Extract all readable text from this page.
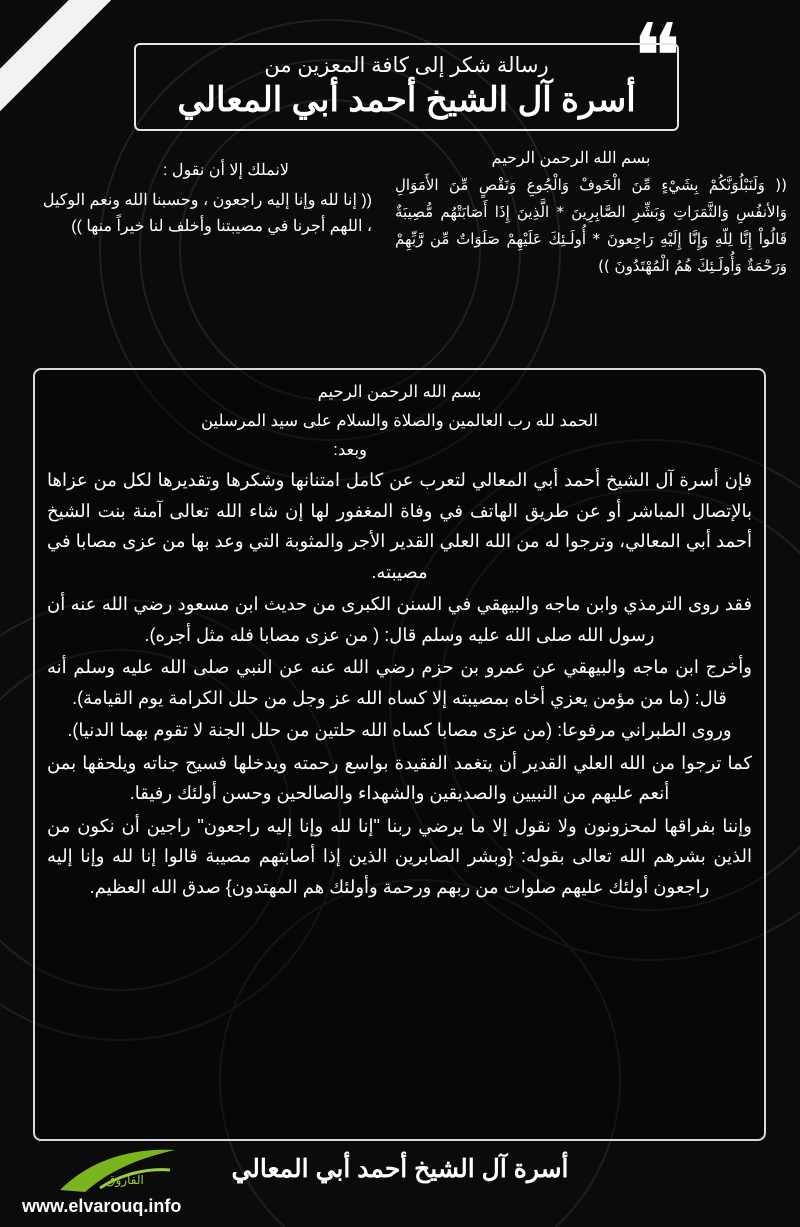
❝
رسالة شكر إلى كافة المعزين من
أسرة آل الشيخ أحمد أبي المعالي
بسم الله الرحمن الرحيم
(( وَلَنَبْلُوَنَّكُمْ بِشَيْءٍ مِّنَ الْخَوفْ وَالْجُوعِ وَنَقْصٍ مِّنَ الأَمَوَالِ وَالأنفُسِ وَالثَّمَرَاتِ وَبَشِّرِ الصَّابِرِينَ * الَّذِينَ إِذَا أَصَابَتْهُم مُّصِيبَةٌ قَالُواْ إِنَّا لِلّهِ وَإِنَّا إِلَيْهِ رَاجِعونَ * أُولَـئِكَ عَلَيْهِمْ صَلَوَاتٌ مِّن رَّبِّهِمْ وَرَحْمَةٌ وَأُولَـئِكَ هُمُ الْمُهْتَدُونَ ))
لانملك إلا أن نقول :
(( إنا لله وإنا إليه راجعون ، وحسبنا الله ونعم الوكيل ، اللهم أجرنا في مصيبتنا وأخلف لنا خيراً منها ))

بسم الله الرحمن الرحيم

الحمد لله رب العالمين والصلاة والسلام على سيد المرسلين

وبعد:

فإن أسرة آل الشيخ أحمد أبي المعالي لتعرب عن كامل امتنانها وشكرها وتقديرها لكل من عزاها بالإتصال المباشر أو عن طريق الهاتف في وفاة المغفور لها إن شاء الله تعالى آمنة بنت الشيخ أحمد أبي المعالي، وترجوا له من الله العلي القدير الأجر والمثوبة التي وعد بها من عزى مصابا في مصيبته.

فقد روى الترمذي وابن ماجه والبيهقي في السنن الكبرى من حديث ابن مسعود رضي الله عنه أن رسول الله صلى الله عليه وسلم قال: ( من عزى مصابا فله مثل أجره).

وأخرج ابن ماجه والبيهقي عن عمرو بن حزم رضي الله عنه عن النبي صلى الله عليه وسلم أنه قال: (ما من مؤمن يعزي أخاه بمصيبته إلا كساه الله عز وجل من حلل الكرامة يوم القيامة).

وروى الطبراني مرفوعا: (من عزى مصابا كساه الله حلتين من حلل الجنة لا تقوم بهما الدنيا).

كما ترجوا من الله العلي القدير أن يتغمد الفقيدة بواسع رحمته ويدخلها فسيح جناته ويلحقها بمن أنعم عليهم من النبيين والصديقين والشهداء والصالحين وحسن أولئك رفيقا.

وإننا بفراقها لمحزونون ولا نقول إلا ما يرضي ربنا "إنا لله وإنا إليه راجعون" راجين أن نكون من الذين بشرهم الله تعالى بقوله: {وبشر الصابرين الذين إذا أصابتهم مصيبة قالوا إنا لله وإنا إليه راجعون أولئك عليهم صلوات من ربهم ورحمة وأولئك هم المهتدون} صدق الله العظيم.

أسرة آل الشيخ أحمد أبي المعالي
الفاروق
www.elvarouq.info
